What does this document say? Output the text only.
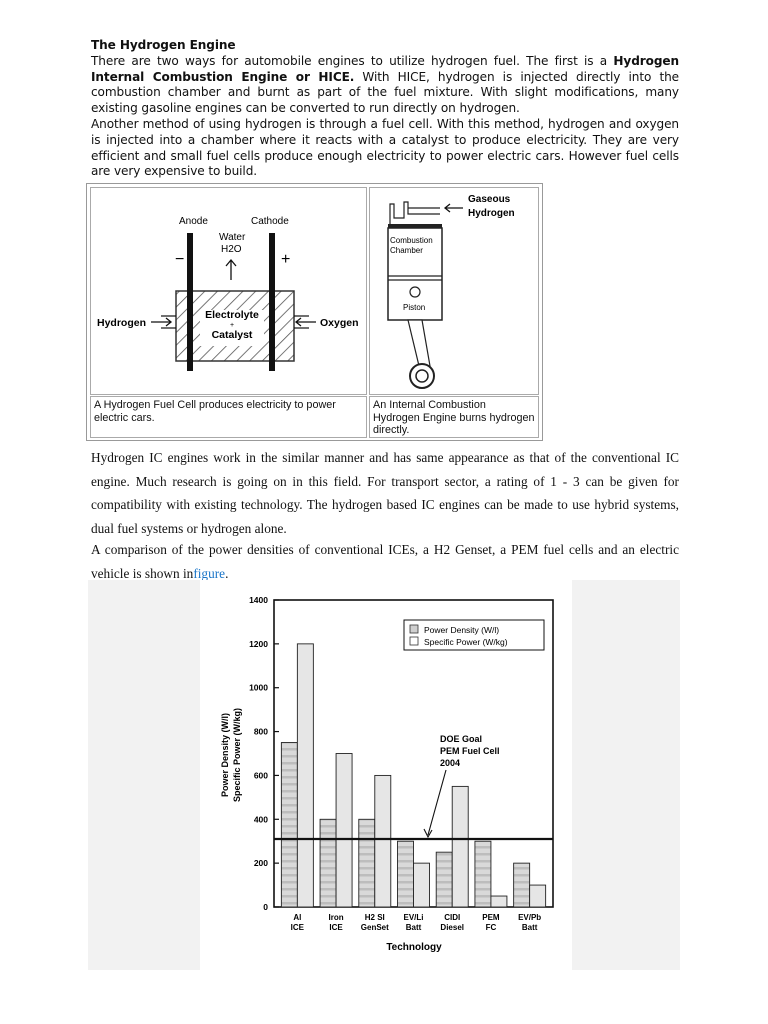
The Hydrogen Engine

There are two ways for automobile engines to utilize hydrogen fuel. The first is a Hydrogen Internal Combustion Engine or HICE. With HICE, hydrogen is injected directly into the combustion chamber and burnt as part of the fuel mixture. With slight modifications, many existing gasoline engines can be converted to run directly on hydrogen.

Another method of using hydrogen is through a fuel cell. With this method, hydrogen and oxygen is injected into a chamber where it reacts with a catalyst to produce electricity. They are very efficient and small fuel cells produce enough electricity to power electric cars. However fuel cells are very expensive to build.

Anode	Cathode
Water
H2O
−	+
Electrolyte
+
Catalyst
Hydrogen	Oxygen
Gaseous
Hydrogen
Combustion
Chamber
Piston
A Hydrogen Fuel Cell produces electricity to power electric cars.
An Internal Combustion Hydrogen Engine burns hydrogen directly.
Hydrogen IC engines work in the similar manner and has same appearance as that of the conventional IC engine. Much research is going on in this field. For transport sector, a rating of 1 - 3 can be given for compatibility with existing technology. The hydrogen based IC engines can be made to use hybrid systems, dual fuel systems or hydrogen alone.
A comparison of the power densities of conventional ICEs, a H2 Genset, a PEM fuel cells and an electric vehicle is shown infigure.
0
200
400
600
800
1000
1200
1400
Al
ICE
Iron
ICE
H2 SI
GenSet
EV/Li
Batt
CIDI
Diesel
PEM
FC
EV/Pb
Batt
DOE Goal
PEM Fuel Cell
2004
Power Density (W/l)
Specific Power (W/kg)
Power Density (W/l) Specific Power (W/kg)
Technology
